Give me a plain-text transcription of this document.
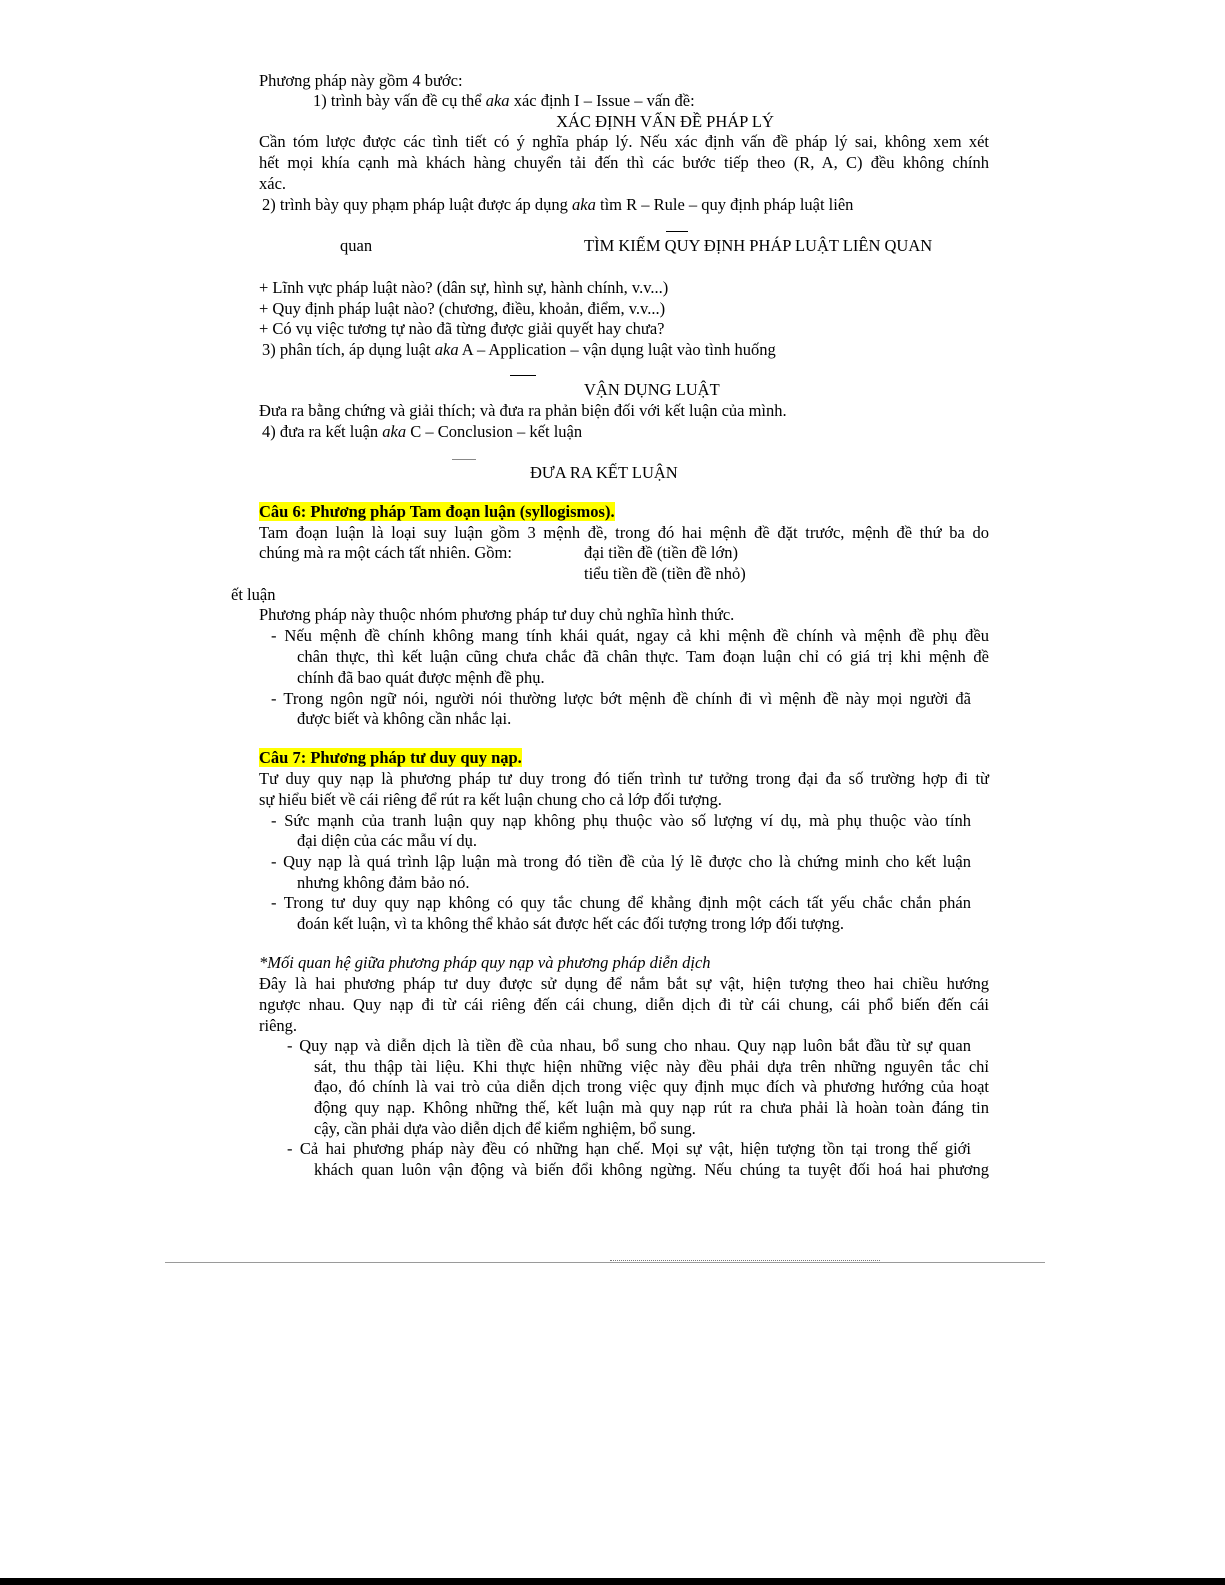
Phương pháp này gồm 4 bước:
1) trình bày vấn đề cụ thể aka xác định I – Issue – vấn đề:
XÁC ĐỊNH VẤN ĐỀ PHÁP LÝ
Cần tóm lược được các tình tiết có ý nghĩa pháp lý. Nếu xác định vấn đề pháp lý sai, không xem xét
hết mọi khía cạnh mà khách hàng chuyển tải đến thì các bước tiếp theo (R, A, C) đều không chính
xác.
2) trình bày quy phạm pháp luật được áp dụng aka tìm R – Rule – quy định pháp luật liên
quan	TÌM KIẾM QUY ĐỊNH PHÁP LUẬT LIÊN QUAN
+ Lĩnh vực pháp luật nào? (dân sự, hình sự, hành chính, v.v...)
+ Quy định pháp luật nào? (chương, điều, khoản, điểm, v.v...)
+ Có vụ việc tương tự nào đã từng được giải quyết hay chưa?
3) phân tích, áp dụng luật aka A – Application – vận dụng luật vào tình huống
VẬN DỤNG LUẬT
Đưa ra bằng chứng và giải thích; và đưa ra phản biện đối với kết luận của mình.
4) đưa ra kết luận aka C – Conclusion – kết luận
ĐƯA RA KẾT LUẬN
Câu 6: Phương pháp Tam đoạn luận (syllogismos).
Tam đoạn luận là loại suy luận gồm 3 mệnh đề, trong đó hai mệnh đề đặt trước, mệnh đề thứ ba do
chúng mà ra một cách tất nhiên. Gồm:	đại tiền đề (tiền đề lớn)
tiểu tiền đề (tiền đề nhỏ)
ết luận
Phương pháp này thuộc nhóm phương pháp tư duy chủ nghĩa hình thức.
- Nếu mệnh đề chính không mang tính khái quát, ngay cả khi mệnh đề chính và mệnh đề phụ đều
chân thực, thì kết luận cũng chưa chắc đã chân thực. Tam đoạn luận chỉ có giá trị khi mệnh đề
chính đã bao quát được mệnh đề phụ.
- Trong ngôn ngữ nói, người nói thường lược bớt mệnh đề chính đi vì mệnh đề này mọi người đã
được biết và không cần nhắc lại.
Câu 7: Phương pháp tư duy quy nạp.
Tư duy quy nạp là phương pháp tư duy trong đó tiến trình tư tưởng trong đại đa số trường hợp đi từ
sự hiểu biết về cái riêng để rút ra kết luận chung cho cả lớp đối tượng.
- Sức mạnh của tranh luận quy nạp không phụ thuộc vào số lượng ví dụ, mà phụ thuộc vào tính
đại diện của các mẫu ví dụ.
- Quy nạp là quá trình lập luận mà trong đó tiền đề của lý lẽ được cho là chứng minh cho kết luận
nhưng không đảm bảo nó.
- Trong tư duy quy nạp không có quy tắc chung để khẳng định một cách tất yếu chắc chắn phán
đoán kết luận, vì ta không thể khảo sát được hết các đối tượng trong lớp đối tượng.
*Mối quan hệ giữa phương pháp quy nạp và phương pháp diễn dịch
Đây là hai phương pháp tư duy được sử dụng để nắm bắt sự vật, hiện tượng theo hai chiều hướng
ngược nhau. Quy nạp đi từ cái riêng đến cái chung, diễn dịch đi từ cái chung, cái phổ biến đến cái
riêng.
- Quy nạp và diễn dịch là tiền đề của nhau, bổ sung cho nhau. Quy nạp luôn bắt đầu từ sự quan
sát, thu thập tài liệu. Khi thực hiện những việc này đều phải dựa trên những nguyên tắc chỉ
đạo, đó chính là vai trò của diễn dịch trong việc quy định mục đích và phương hướng của hoạt
động quy nạp. Không những thế, kết luận mà quy nạp rút ra chưa phải là hoàn toàn đáng tin
cậy, cần phải dựa vào diễn dịch để kiểm nghiệm, bổ sung.
- Cả hai phương pháp này đều có những hạn chế. Mọi sự vật, hiện tượng tồn tại trong thế giới
khách quan luôn vận động và biến đổi không ngừng. Nếu chúng ta tuyệt đối hoá hai phương
